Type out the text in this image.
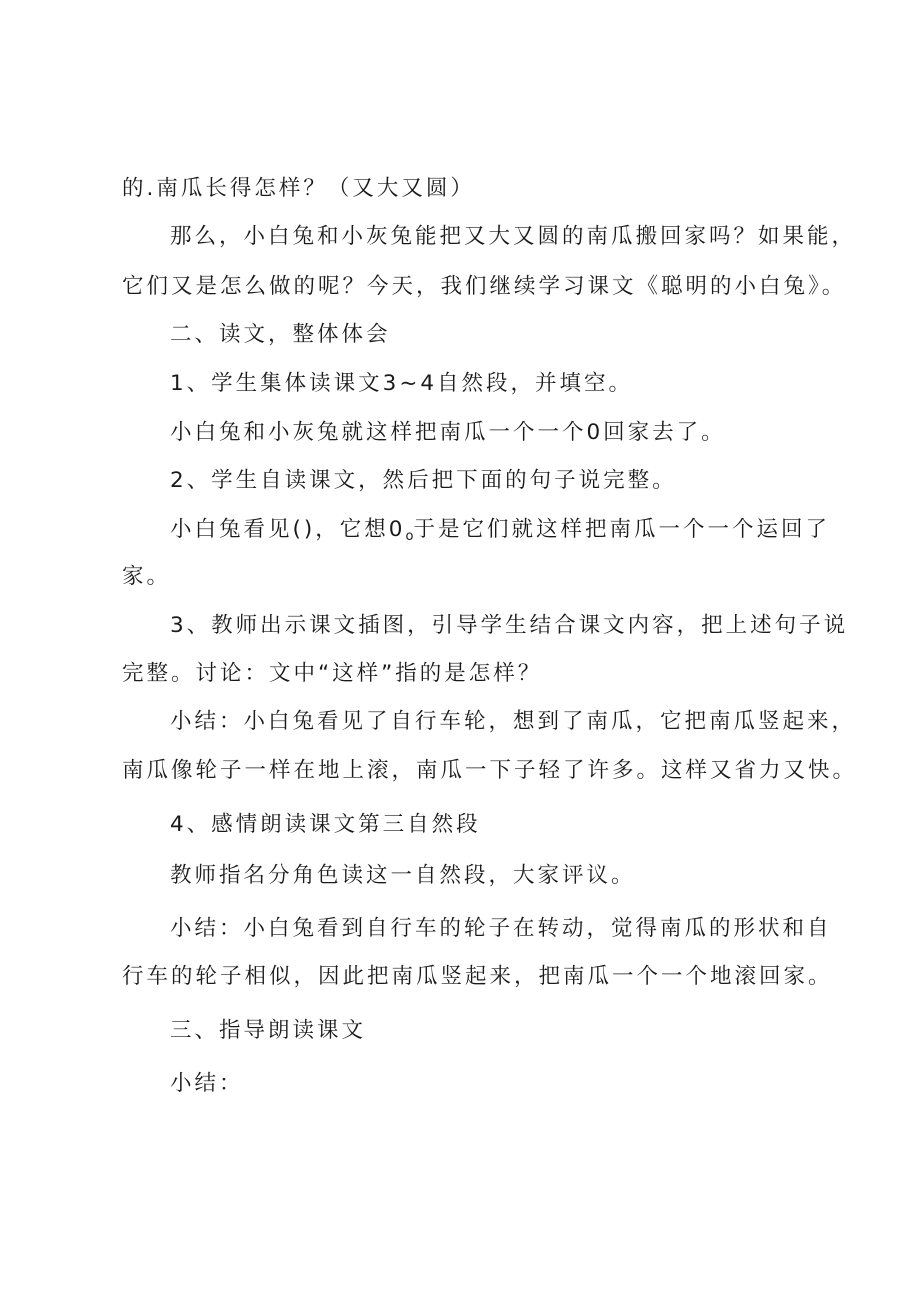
的.南瓜长得怎样？（又大又圆）
那么，小白兔和小灰兔能把又大又圆的南瓜搬回家吗？如果能，
它们又是怎么做的呢？今天，我们继续学习课文《聪明的小白兔》。
二、读文，整体体会
1、学生集体读课文3~4自然段，并填空。
小白兔和小灰兔就这样把南瓜一个一个0回家去了。
2、学生自读课文，然后把下面的句子说完整。
小白兔看见()，它想$0_o$于是它们就这样把南瓜一个一个运回了
家。
3、教师出示课文插图，引导学生结合课文内容，把上述句子说
完整。讨论：文中“这样”指的是怎样？
小结：小白兔看见了自行车轮，想到了南瓜，它把南瓜竖起来，
南瓜像轮子一样在地上滚，南瓜一下子轻了许多。这样又省力又快。
4、感情朗读课文第三自然段
教师指名分角色读这一自然段，大家评议。
小结：小白兔看到自行车的轮子在转动，觉得南瓜的形状和自
行车的轮子相似，因此把南瓜竖起来，把南瓜一个一个地滚回家。
三、指导朗读课文
小结：
